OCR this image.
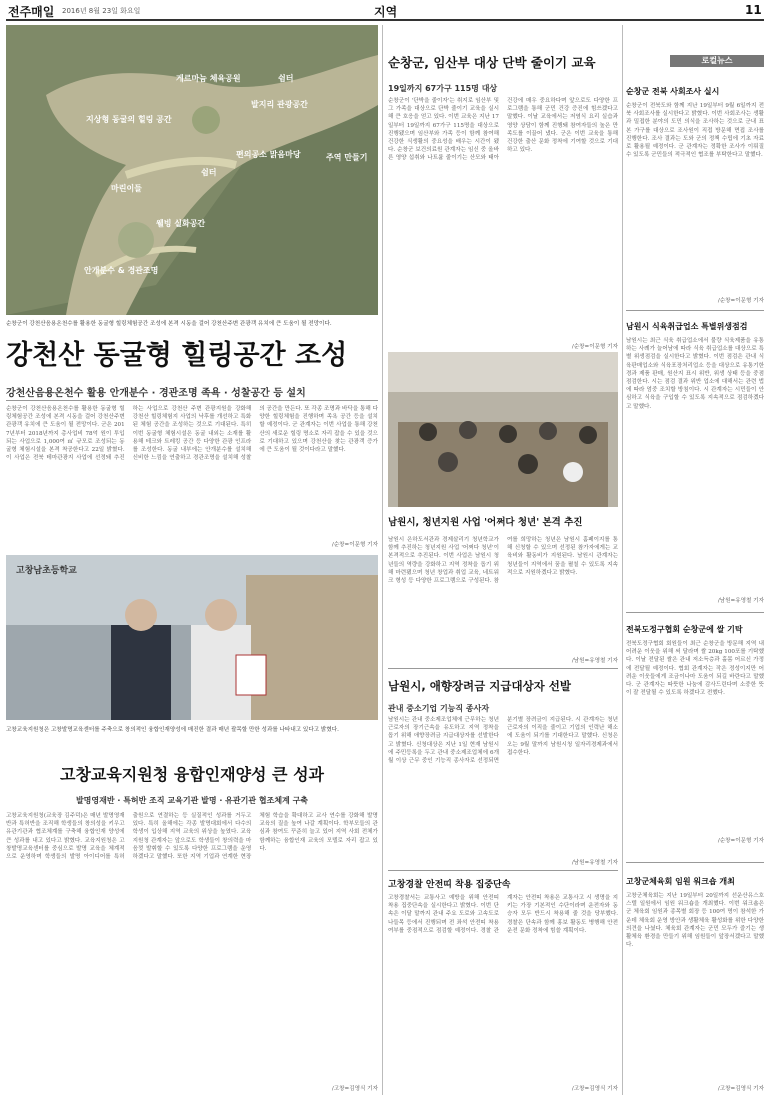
전주매일 2016년 8월 23일 화요일	지역	11
게르마늄 체육공원	쉼터
발지리 관광공간
지상형 동굴의 힐링 공간
편의공소 맑음마당	주역 만들기
쉼터
마린이들
웰빙 실화공간
안개분수 & 경관조명
순창군이 강천산음용온천수를 활용한 동굴형 힐링체험공간 조성에 본격 시동을 걸어 강천산주변 관광객 유치에 큰 도움이 될 전망이다.
강천산 동굴형 힐링공간 조성
강천산음용온천수 활용 안개분수 · 경관조명 족욕 · 성찰공간 등 설치
순창군이 강천산음용온천수를 활용한 동굴형 힐링체험공간 조성에 본격 시동을 걸어 강천산주변 관광객 유치에 큰 도움이 될 전망이다. 군은 2017년부터 2018년까지 총사업비 78억 원이 투입되는 사업으로 1,000여 ㎡ 규모로 조성되는 동굴형 체험시설을 본격 착공한다고 22일 밝혔다. 이 사업은 전북 테마관광지 사업에 선정돼 추진하는 사업으로 강천산 주변 관광지원을 강화해 강천산 힐링체험지 사업의 낙후를 개선하고 특화된 체험 공간을 조성하는 것으로 기대된다. 특히 이번 동굴형 체험시설은 동굴 내외는 소재를 활용해 테크와 트레킹 공간 등 다양한 관광 인프라를 조성한다. 동굴 내부에는 안개분수를 설치해 신비한 느낌을 연출하고 경관조명을 설치해 성찰의 공간을 만든다. 또 각종 조명과 바닥을 통해 다양한 힐링체험을 진행하며 족욕 공간 등을 설치할 예정이다. 군 관계자는 이번 사업을 통해 강천산의 새로운 힐링 명소로 자리 잡을 수 있을 것으로 기대하고 있으며 강천산을 찾는 관광객 증가에 큰 도움이 될 것이다라고 말했다.
/순창=이문형 기자
순창군, 임산부 대상 단박 줄이기 교육
19일까지 67가구 115명 대상
순창군이 '단박을 줄이자'는 취지로 임산부 및 그 가족을 대상으로 단박 줄이기 교육을 실시해 큰 호응을 얻고 있다. 이번 교육은 지난 17일부터 19일까지 67가구 115명을 대상으로 진행됐으며 임산부와 가족 등이 함께 참여해 건강한 식생활의 중요성을 배우는 시간이 됐다. 순창군 보건의료원 관계자는 임신 중 올바른 영양 섭취와 나트륨 줄이기는 산모와 태아 건강에 매우 중요하다며 앞으로도 다양한 프로그램을 통해 군민 건강 증진에 힘쓰겠다고 말했다. 이날 교육에서는 저염식 요리 실습과 영양 상담이 함께 진행돼 참여자들의 높은 만족도를 이끌어 냈다. 군은 이번 교육을 통해 건강한 출산 문화 정착에 기여할 것으로 기대하고 있다.
/순창=이문형 기자
남원시, 청년지원 사업 '어쩌다 청년' 본격 추진
남원시 은하도서관과 경제살리기 청년학교가 함께 추진하는 청년지원 사업 '어쩌다 청년'이 본격적으로 추진된다. 이번 사업은 남원시 청년들의 역량을 강화하고 지역 정착을 돕기 위해 마련됐으며 청년 창업과 취업 교육, 네트워크 형성 등 다양한 프로그램으로 구성된다. 참여를 희망하는 청년은 남원시 홈페이지를 통해 신청할 수 있으며 선정된 참가자에게는 교육비와 활동비가 지원된다. 남원시 관계자는 청년들이 지역에서 꿈을 펼칠 수 있도록 지속적으로 지원하겠다고 밝혔다.
/남원=유영철 기자
고창남초등학교
고창교육지원청은 고창발명교육센터를 주축으로 창의적인 융합인재양성에 매진한 결과 매년 괄목할 만한 성과를 나타내고 있다고 밝혔다.
고창교육지원청 융합인재양성 큰 성과
발명영재반 · 특허반 조직 교육기관 발명 · 유관기관 협조체계 구축
고창교육지원청(교육장 김주덕)은 매년 발명영재반과 특허반을 조직해 학생들의 창의성을 키우고 유관기관과 협조체계를 구축해 융합인재 양성에 큰 성과를 내고 있다고 밝혔다. 교육지원청은 고창발명교육센터를 중심으로 발명 교육을 체계적으로 운영하며 학생들의 발명 아이디어를 특허 출원으로 연결하는 등 실질적인 성과를 거두고 있다. 특히 올해에는 각종 발명대회에서 다수의 학생이 입상해 지역 교육의 위상을 높였다. 교육지원청 관계자는 앞으로도 학생들이 창의력을 마음껏 발휘할 수 있도록 다양한 프로그램을 운영하겠다고 말했다. 또한 지역 기업과 연계한 현장 체험 학습을 확대하고 교사 연수를 강화해 발명 교육의 질을 높여 나갈 계획이다. 학부모들의 관심과 참여도 꾸준히 늘고 있어 지역 사회 전체가 함께하는 융합인재 교육의 모델로 자리 잡고 있다.
/고창=김영식 기자
남원시, 애향장려금 지급대상자 선발
관내 중소기업 기능직 종사자
남원시는 관내 중소제조업체에 근무하는 청년근로자의 장기근속을 유도하고 지역 정착을 돕기 위해 애향장려금 지급대상자를 선발한다고 밝혔다. 신청대상은 지난 1일 현재 남원시에 주민등록을 두고 관내 중소제조업체에 6개월 이상 근무 중인 기능직 종사자로 선정되면 분기별 장려금이 지급된다. 시 관계자는 청년 근로자의 이직을 줄이고 기업의 인력난 해소에 도움이 되기를 기대한다고 말했다. 신청은 오는 9월 말까지 남원시청 일자리경제과에서 접수한다.
/남원=유영철 기자
고창경찰 안전띠 착용 집중단속
고창경찰서는 교통사고 예방을 위해 안전띠 착용 집중단속을 실시한다고 밝혔다. 이번 단속은 이달 말까지 관내 주요 도로와 고속도로 나들목 등에서 진행되며 전 좌석 안전띠 착용 여부를 중점적으로 점검할 예정이다. 경찰 관계자는 안전띠 착용은 교통사고 시 생명을 지키는 가장 기본적인 수단이라며 운전자와 동승자 모두 반드시 착용해 줄 것을 당부했다. 경찰은 단속과 함께 홍보 활동도 병행해 안전 운전 문화 정착에 힘쓸 계획이다.
/고창=김영식 기자
로컬뉴스
순창군 전북 사회조사 실시
순창군이 전북도와 함께 지난 19일부터 9월 6일까지 전북 사회조사를 실시한다고 밝혔다. 이번 사회조사는 생활과 밀접한 분야의 도민 의식을 조사하는 것으로 군내 표본 가구를 대상으로 조사원이 직접 방문해 면접 조사를 진행한다. 조사 결과는 도와 군의 정책 수립에 기초 자료로 활용될 예정이다. 군 관계자는 정확한 조사가 이뤄질 수 있도록 군민들의 적극적인 협조를 부탁한다고 말했다.
/순창=이문형 기자
남원시 식육취급업소 특별위생점검
남원시는 최근 식육 취급업소에서 불량 식육제품을 유통하는 사례가 늘어남에 따라 식육 취급업소를 대상으로 특별 위생점검을 실시한다고 밝혔다. 이번 점검은 관내 식육판매업소와 식육포장처리업소 등을 대상으로 유통기한 경과 제품 판매, 원산지 표시 위반, 위생 상태 등을 중점 점검한다. 시는 점검 결과 위반 업소에 대해서는 관련 법에 따라 엄중 조치할 방침이다. 시 관계자는 시민들이 안심하고 식육을 구입할 수 있도록 지속적으로 점검하겠다고 말했다.
/남원=유영철 기자
전북도정구협회 순창군에 쌀 기탁
전북도정구협회 회원들이 최근 순창군을 방문해 지역 내 어려운 이웃을 위해 써 달라며 쌀 20kg 100포를 기탁했다. 이날 전달된 쌀은 관내 저소득층과 홀몸 어르신 가정에 전달될 예정이다. 협회 관계자는 작은 정성이지만 어려운 이웃들에게 조금이나마 도움이 되길 바란다고 말했다. 군 관계자는 따뜻한 나눔에 감사드린다며 소중한 뜻이 잘 전달될 수 있도록 하겠다고 전했다.
/순창=이문형 기자
고창군체육회 임원 워크숍 개최
고창군체육회는 지난 19일부터 20일까지 선운산유스호스텔 일원에서 임원 워크숍을 개최했다. 이번 워크숍은 군 체육회 임원과 종목별 회장 등 100여 명이 참석한 가운데 체육회 운영 방안과 생활체육 활성화를 위한 다양한 의견을 나눴다. 체육회 관계자는 군민 모두가 즐기는 생활체육 환경을 만들기 위해 임원들이 앞장서겠다고 말했다.
/고창=김영식 기자
